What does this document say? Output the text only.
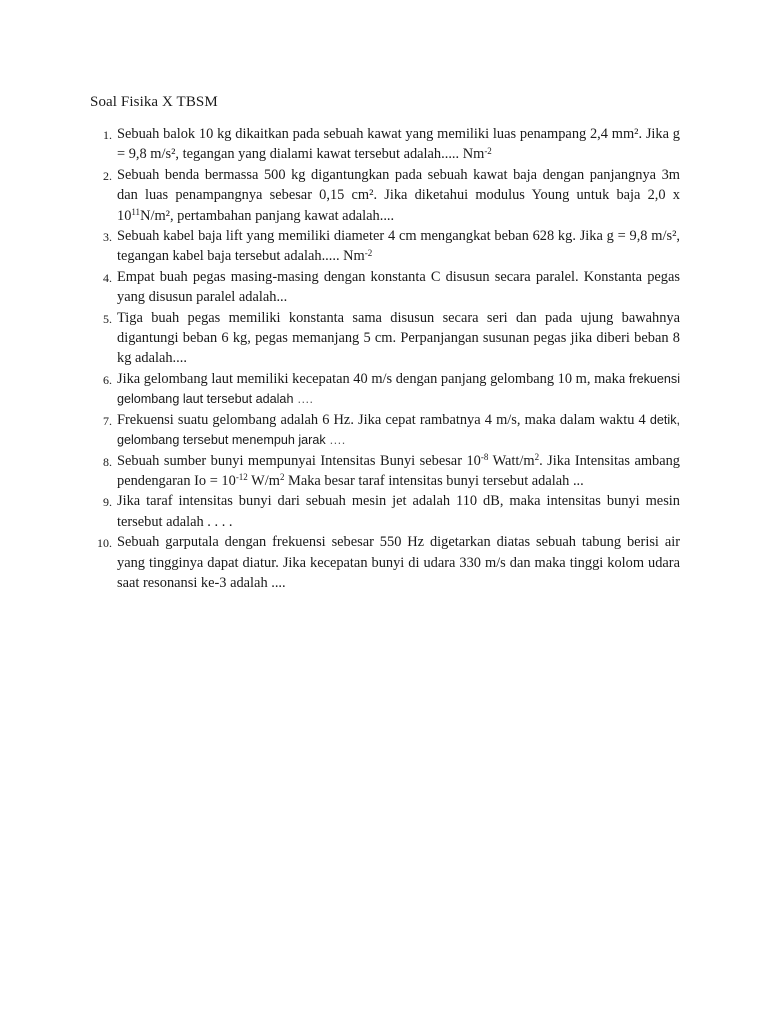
Soal Fisika X TBSM
1. Sebuah balok 10 kg dikaitkan pada sebuah kawat yang memiliki luas penampang 2,4 mm². Jika g = 9,8 m/s², tegangan yang dialami kawat tersebut adalah..... $Nm^{-2}$
2. Sebuah benda bermassa 500 kg digantungkan pada sebuah kawat baja dengan panjangnya 3m dan luas penampangnya sebesar 0,15 cm². Jika diketahui modulus Young untuk baja 2,0 x $10^{11}N/m^2$, pertambahan panjang kawat adalah....
3. Sebuah kabel baja lift yang memiliki diameter 4 cm mengangkat beban 628 kg. Jika g = 9,8 m/s², tegangan kabel baja tersebut adalah..... $Nm^{-2}$
4. Empat buah pegas masing-masing dengan konstanta C disusun secara paralel. Konstanta pegas yang disusun paralel adalah...
5. Tiga buah pegas memiliki konstanta sama disusun secara seri dan pada ujung bawahnya digantungi beban 6 kg, pegas memanjang 5 cm. Perpanjangan susunan pegas jika diberi beban 8 kg adalah....
6. Jika gelombang laut memiliki kecepatan 40 m/s dengan panjang gelombang 10 m, maka frekuensi gelombang laut tersebut adalah ….
7. Frekuensi suatu gelombang adalah 6 Hz. Jika cepat rambatnya 4 m/s, maka dalam waktu 4 detik, gelombang tersebut menempuh jarak ….
8. Sebuah sumber bunyi mempunyai Intensitas Bunyi sebesar $10^{-8}$ Watt/$m^2$. Jika Intensitas ambang pendengaran $Io = 10^{-12}$ $W/m^2$ Maka besar taraf intensitas bunyi tersebut adalah ...
9. Jika taraf intensitas bunyi dari sebuah mesin jet adalah 110 dB, maka intensitas bunyi mesin tersebut adalah . . . .
10. Sebuah garputala dengan frekuensi sebesar 550 Hz digetarkan diatas sebuah tabung berisi air yang tingginya dapat diatur. Jika kecepatan bunyi di udara 330 m/s dan maka tinggi kolom udara saat resonansi ke-3 adalah ....
